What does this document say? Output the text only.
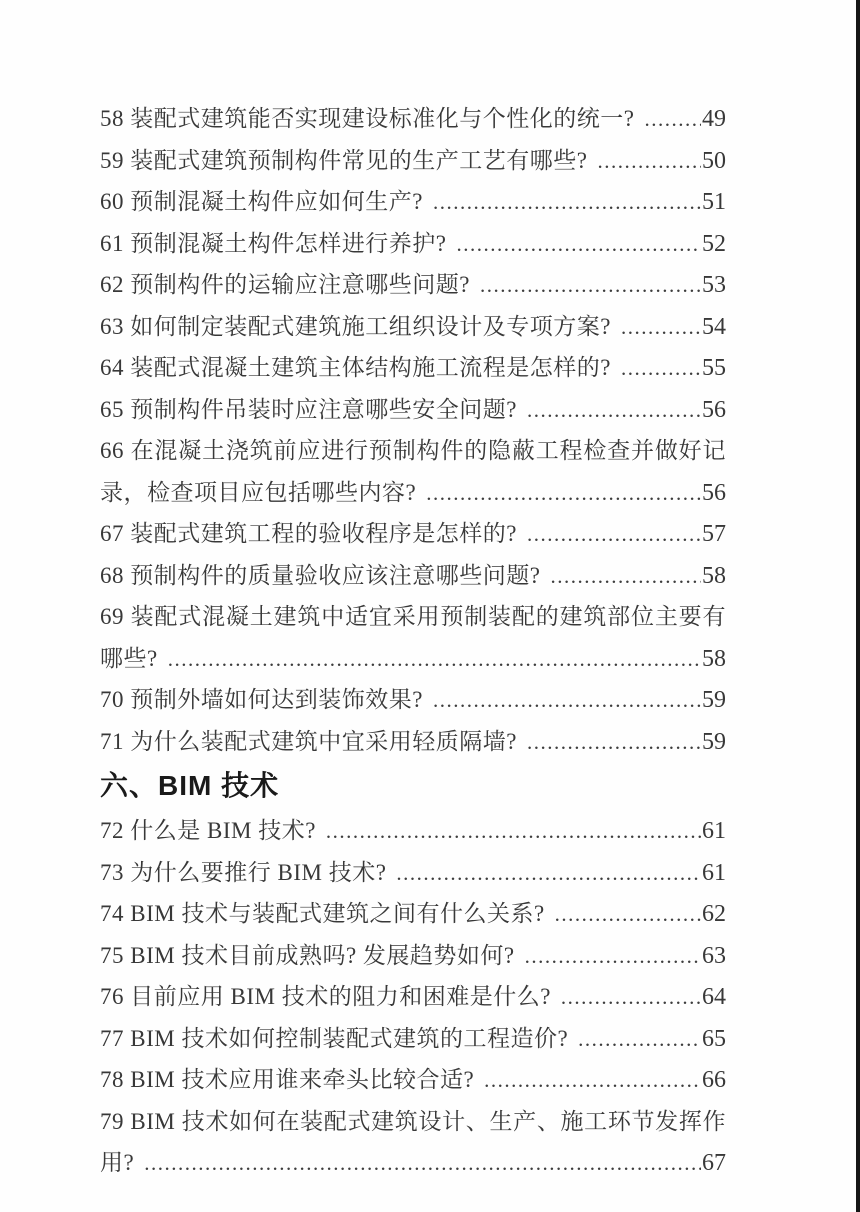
58 装配式建筑能否实现建设标准化与个性化的统一? .....	49
59 装配式建筑预制构件常见的生产工艺有哪些? .....	50
60 预制混凝土构件应如何生产? .....	51
61 预制混凝土构件怎样进行养护? .....	52
62 预制构件的运输应注意哪些问题? .....	53
63 如何制定装配式建筑施工组织设计及专项方案? .....	54
64 装配式混凝土建筑主体结构施工流程是怎样的? .....	55
65 预制构件吊装时应注意哪些安全问题? .....	56
66 在混凝土浇筑前应进行预制构件的隐蔽工程检查并做好记
录，检查项目应包括哪些内容? .....	56
67 装配式建筑工程的验收程序是怎样的? .....	57
68 预制构件的质量验收应该注意哪些问题? .....	58
69 装配式混凝土建筑中适宜采用预制装配的建筑部位主要有
哪些? .....	58
70 预制外墙如何达到装饰效果? .....	59
71 为什么装配式建筑中宜采用轻质隔墙? .....	59
六、BIM 技术
72 什么是 BIM 技术? .....	61
73 为什么要推行 BIM 技术? .....	61
74 BIM 技术与装配式建筑之间有什么关系? .....	62
75 BIM 技术目前成熟吗? 发展趋势如何? .....	63
76 目前应用 BIM 技术的阻力和困难是什么? .....	64
77 BIM 技术如何控制装配式建筑的工程造价? .....	65
78 BIM 技术应用谁来牵头比较合适? .....	66
79 BIM 技术如何在装配式建筑设计、生产、施工环节发挥作
用? .....	67
